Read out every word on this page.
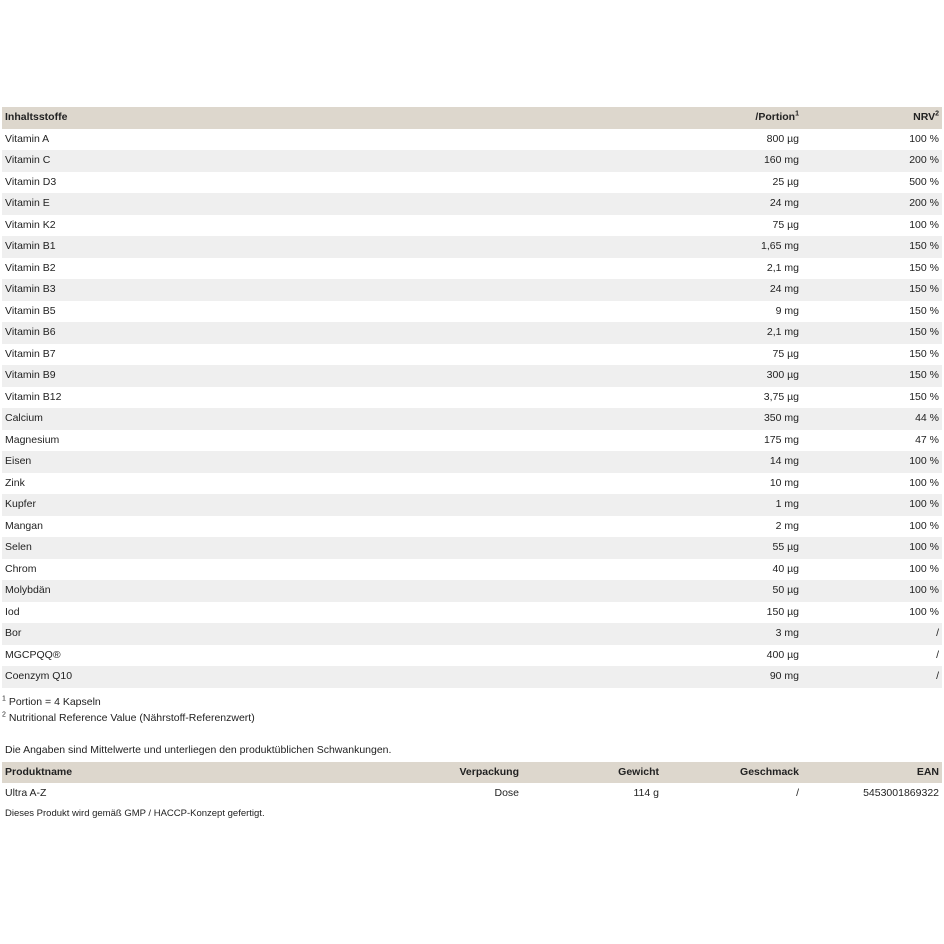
Inhaltsstoffe	/Portion$^1$	NRV$^2$
Vitamin A	800 µg	100 %
Vitamin C	160 mg	200 %
Vitamin D3	25 µg	500 %
Vitamin E	24 mg	200 %
Vitamin K2	75 µg	100 %
Vitamin B1	1,65 mg	150 %
Vitamin B2	2,1 mg	150 %
Vitamin B3	24 mg	150 %
Vitamin B5	9 mg	150 %
Vitamin B6	2,1 mg	150 %
Vitamin B7	75 µg	150 %
Vitamin B9	300 µg	150 %
Vitamin B12	3,75 µg	150 %
Calcium	350 mg	44 %
Magnesium	175 mg	47 %
Eisen	14 mg	100 %
Zink	10 mg	100 %
Kupfer	1 mg	100 %
Mangan	2 mg	100 %
Selen	55 µg	100 %
Chrom	40 µg	100 %
Molybdän	50 µg	100 %
Iod	150 µg	100 %
Bor	3 mg	/
MGCPQQ®	400 µg	/
Coenzym Q10	90 mg	/
$^1$ Portion = 4 Kapseln
$^2$ Nutritional Reference Value (Nährstoff-Referenzwert)
Die Angaben sind Mittelwerte und unterliegen den produktüblichen Schwankungen.
Produktname	Verpackung	Gewicht	Geschmack	EAN
Ultra A-Z	Dose	114 g	/	5453001869322
Dieses Produkt wird gemäß GMP / HACCP-Konzept gefertigt.
